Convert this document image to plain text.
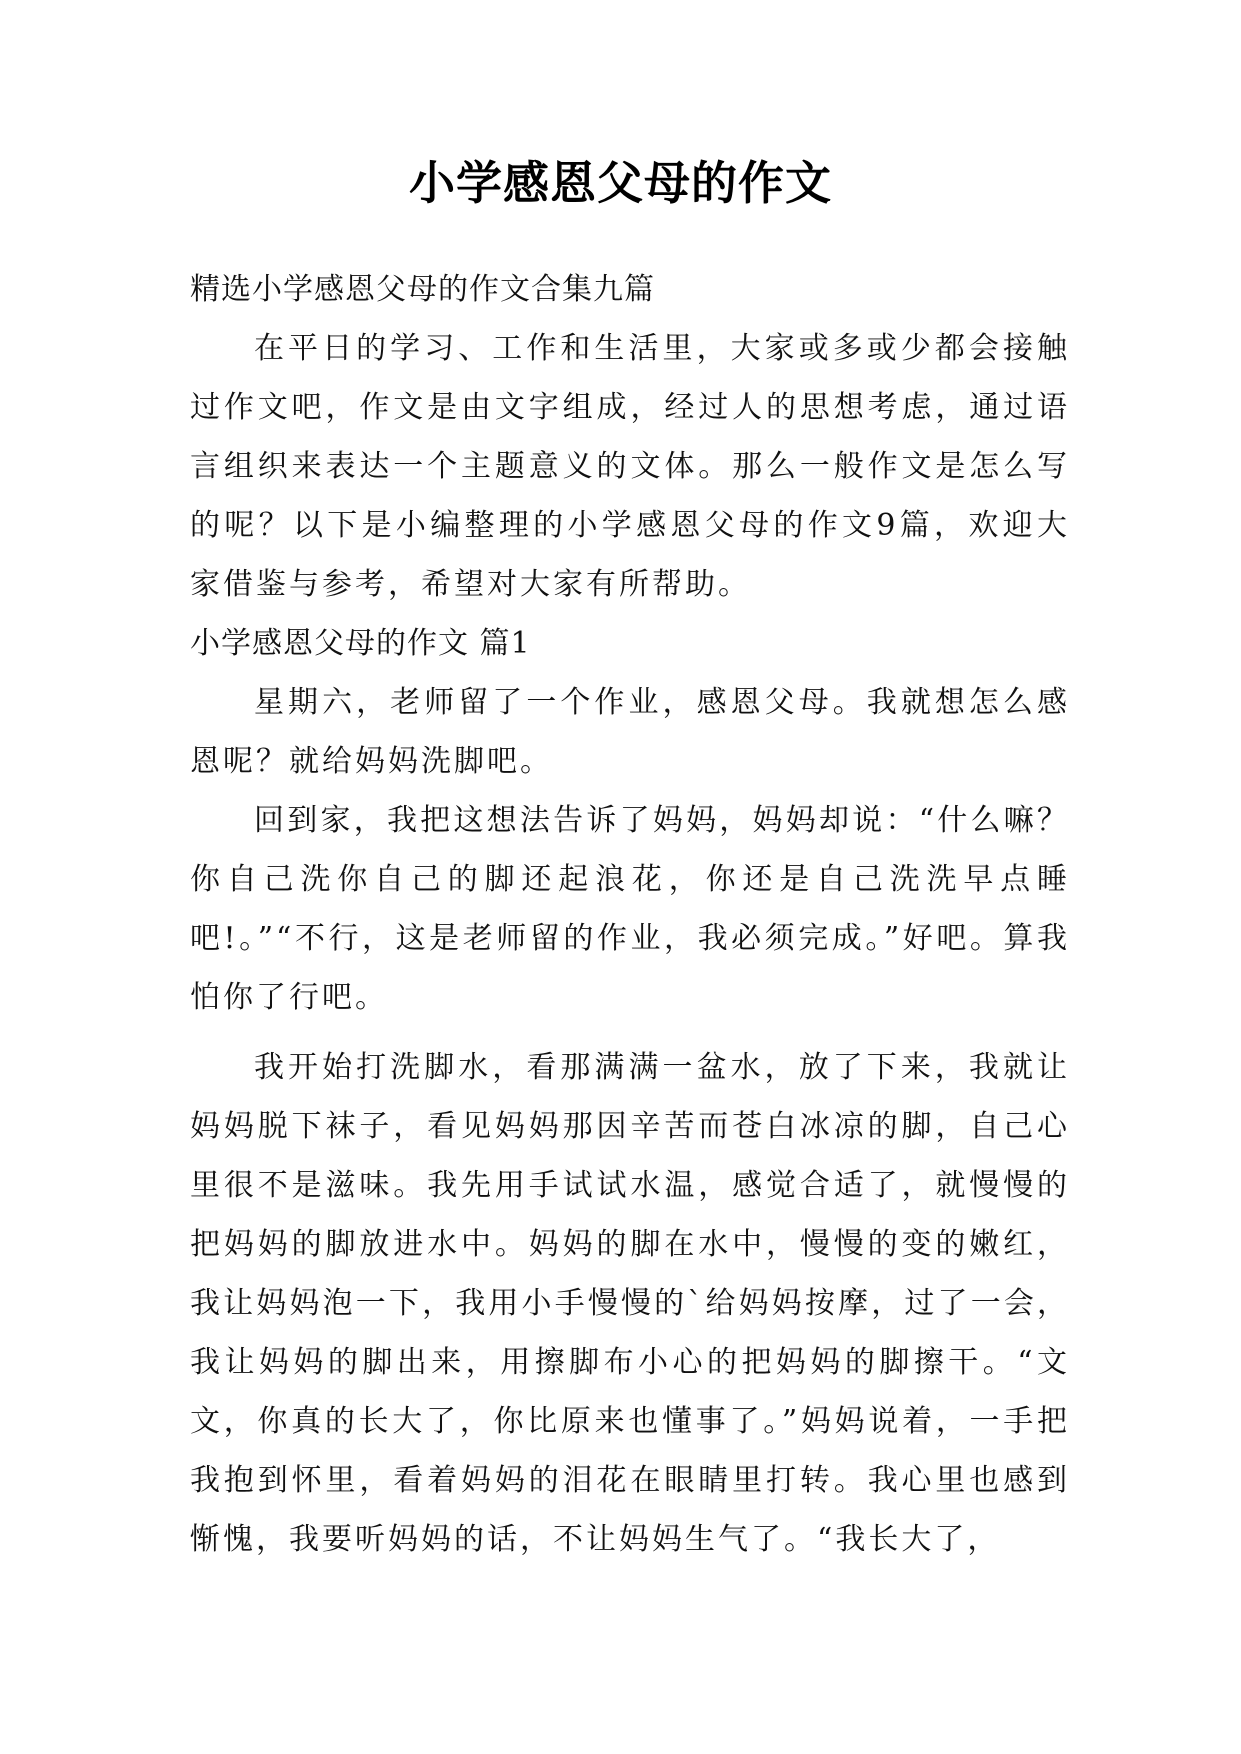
小学感恩父母的作文

精选小学感恩父母的作文合集九篇

在平日的学习、工作和生活里，大家或多或少都会接触过作文吧，作文是由文字组成，经过人的思想考虑，通过语言组织来表达一个主题意义的文体。那么一般作文是怎么写的呢？以下是小编整理的小学感恩父母的作文9篇，欢迎大家借鉴与参考，希望对大家有所帮助。

小学感恩父母的作文 篇1

星期六，老师留了一个作业，感恩父母。我就想怎么感恩呢？就给妈妈洗脚吧。

回到家，我把这想法告诉了妈妈，妈妈却说：“什么嘛？你自己洗你自己的脚还起浪花，你还是自己洗洗早点睡吧!。”“不行，这是老师留的作业，我必须完成。”好吧。算我怕你了行吧。

我开始打洗脚水，看那满满一盆水，放了下来，我就让妈妈脱下袜子，看见妈妈那因辛苦而苍白冰凉的脚，自己心里很不是滋味。我先用手试试水温，感觉合适了，就慢慢的把妈妈的脚放进水中。妈妈的脚在水中，慢慢的变的嫩红，我让妈妈泡一下，我用小手慢慢的`给妈妈按摩，过了一会，我让妈妈的脚出来，用擦脚布小心的把妈妈的脚擦干。“文文，你真的长大了，你比原来也懂事了。”妈妈说着，一手把我抱到怀里，看着妈妈的泪花在眼睛里打转。我心里也感到惭愧，我要听妈妈的话，不让妈妈生气了。“我长大了，
